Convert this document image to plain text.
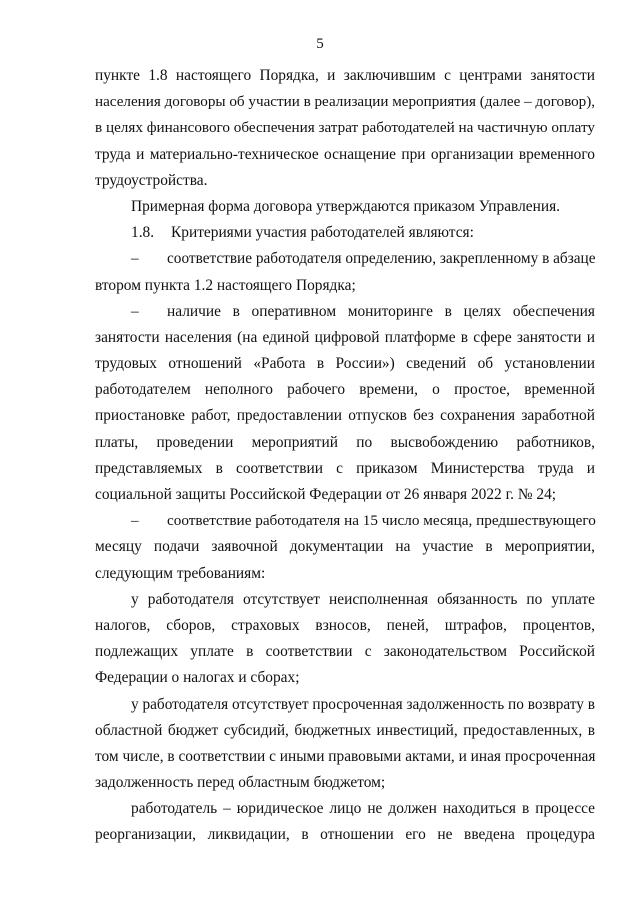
5
пункте 1.8 настоящего Порядка, и заключившим с центрами занятости
населения договоры об участии в реализации мероприятия (далее – договор),
в целях финансового обеспечения затрат работодателей на частичную оплату
труда и материально-техническое оснащение при организации временного
трудоустройства.
Примерная форма договора утверждаются приказом Управления.
1.8. Критериями участия работодателей являются:
– соответствие работодателя определению, закрепленному в абзаце
втором пункта 1.2 настоящего Порядка;
– наличие в оперативном мониторинге в целях обеспечения
занятости населения (на единой цифровой платформе в сфере занятости и
трудовых отношений «Работа в России») сведений об установлении
работодателем неполного рабочего времени, о простое, временной
приостановке работ, предоставлении отпусков без сохранения заработной
платы, проведении мероприятий по высвобождению работников,
представляемых в соответствии с приказом Министерства труда и
социальной защиты Российской Федерации от 26 января 2022 г. № 24;
– соответствие работодателя на 15 число месяца, предшествующего
месяцу подачи заявочной документации на участие в мероприятии,
следующим требованиям:
у работодателя отсутствует неисполненная обязанность по уплате
налогов, сборов, страховых взносов, пеней, штрафов, процентов,
подлежащих уплате в соответствии с законодательством Российской
Федерации о налогах и сборах;
у работодателя отсутствует просроченная задолженность по возврату в
областной бюджет субсидий, бюджетных инвестиций, предоставленных, в
том числе, в соответствии с иными правовыми актами, и иная просроченная
задолженность перед областным бюджетом;
работодатель – юридическое лицо не должен находиться в процессе
реорганизации, ликвидации, в отношении его не введена процедура
